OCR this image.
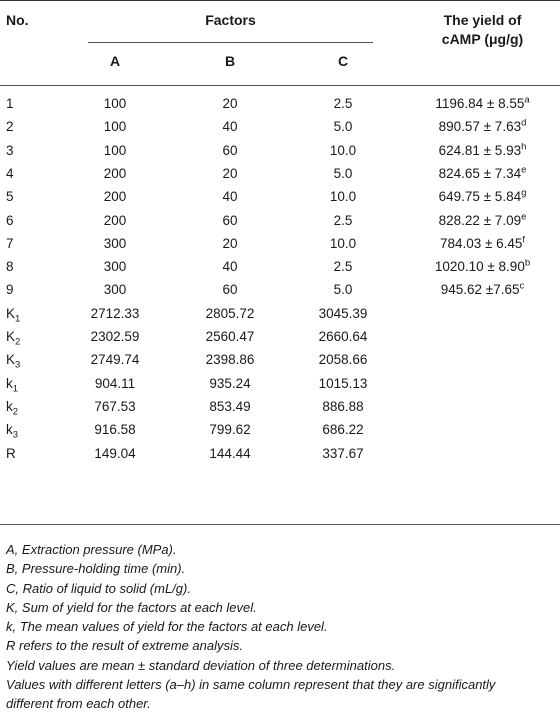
No.	Factors	The yield of
cAMP (μg/g)
A	B	C
1	100	20	2.5	1196.84 ± 8.55$^a$
2	100	40	5.0	890.57 ± 7.63$^d$
3	100	60	10.0	624.81 ± 5.93$^h$
4	200	20	5.0	824.65 ± 7.34$^e$
5	200	40	10.0	649.75 ± 5.84$^g$
6	200	60	2.5	828.22 ± 7.09$^e$
7	300	20	10.0	784.03 ± 6.45$^f$
8	300	40	2.5	1020.10 ± 8.90$^b$
9	300	60	5.0	945.62 ±7.65$^c$
$K_1$	2712.33	2805.72	3045.39
$K_2$	2302.59	2560.47	2660.64
$K_3$	2749.74	2398.86	2058.66
$k_1$	904.11	935.24	1015.13
$k_2$	767.53	853.49	886.88
$k_3$	916.58	799.62	686.22
R	149.04	144.44	337.67
A, Extraction pressure (MPa).
B, Pressure-holding time (min).
C, Ratio of liquid to solid (mL/g).
K, Sum of yield for the factors at each level.
k, The mean values of yield for the factors at each level.
R refers to the result of extreme analysis.
Yield values are mean ± standard deviation of three determinations.
Values with different letters (a–h) in same column represent that they are significantly
different from each other.
